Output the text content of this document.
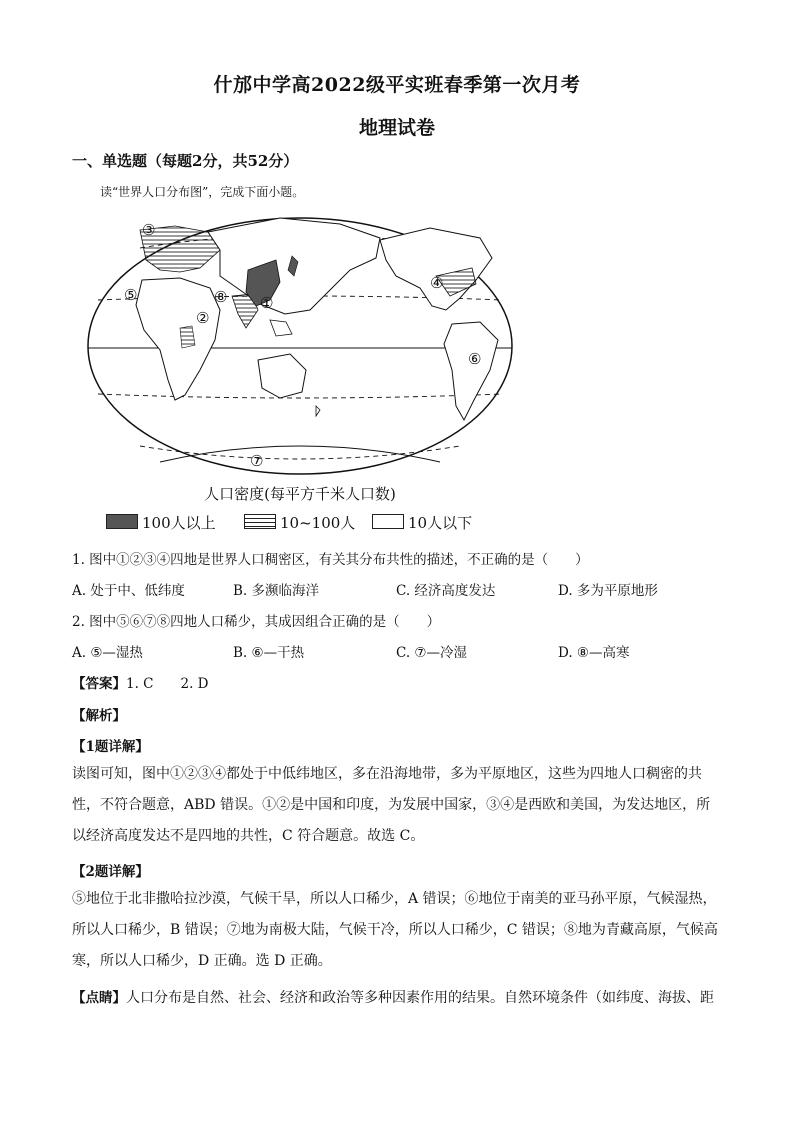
什邡中学高2022级平实班春季第一次月考
地理试卷
一、单选题（每题2分，共52分）
读“世界人口分布图”，完成下面小题。
①
②
③
④
⑤
⑥
⑦
⑧
人口密度(每平方千米人口数)
100人以上	10~100人	10人以下
1. 图中①②③④四地是世界人口稠密区，有关其分布共性的描述，不正确的是（　　）
A. 处于中、低纬度	B. 多濒临海洋	C. 经济高度发达	D. 多为平原地形
2. 图中⑤⑥⑦⑧四地人口稀少，其成因组合正确的是（　　）
A. ⑤—湿热	B. ⑥—干热	C. ⑦—冷湿	D. ⑧—高寒
【答案】1. C　　2. D
【解析】
【1题详解】
读图可知，图中①②③④都处于中低纬地区，多在沿海地带，多为平原地区，这些为四地人口稠密的共
性，不符合题意，ABD 错误。①②是中国和印度，为发展中国家，③④是西欧和美国，为发达地区，所
以经济高度发达不是四地的共性，C 符合题意。故选 C。
【2题详解】
⑤地位于北非撒哈拉沙漠，气候干旱，所以人口稀少，A 错误；⑥地位于南美的亚马孙平原，气候湿热，
所以人口稀少，B 错误；⑦地为南极大陆，气候干冷，所以人口稀少，C 错误；⑧地为青藏高原，气候高
寒，所以人口稀少，D 正确。选 D 正确。
【点睛】人口分布是自然、社会、经济和政治等多种因素作用的结果。自然环境条件（如纬度、海拔、距
